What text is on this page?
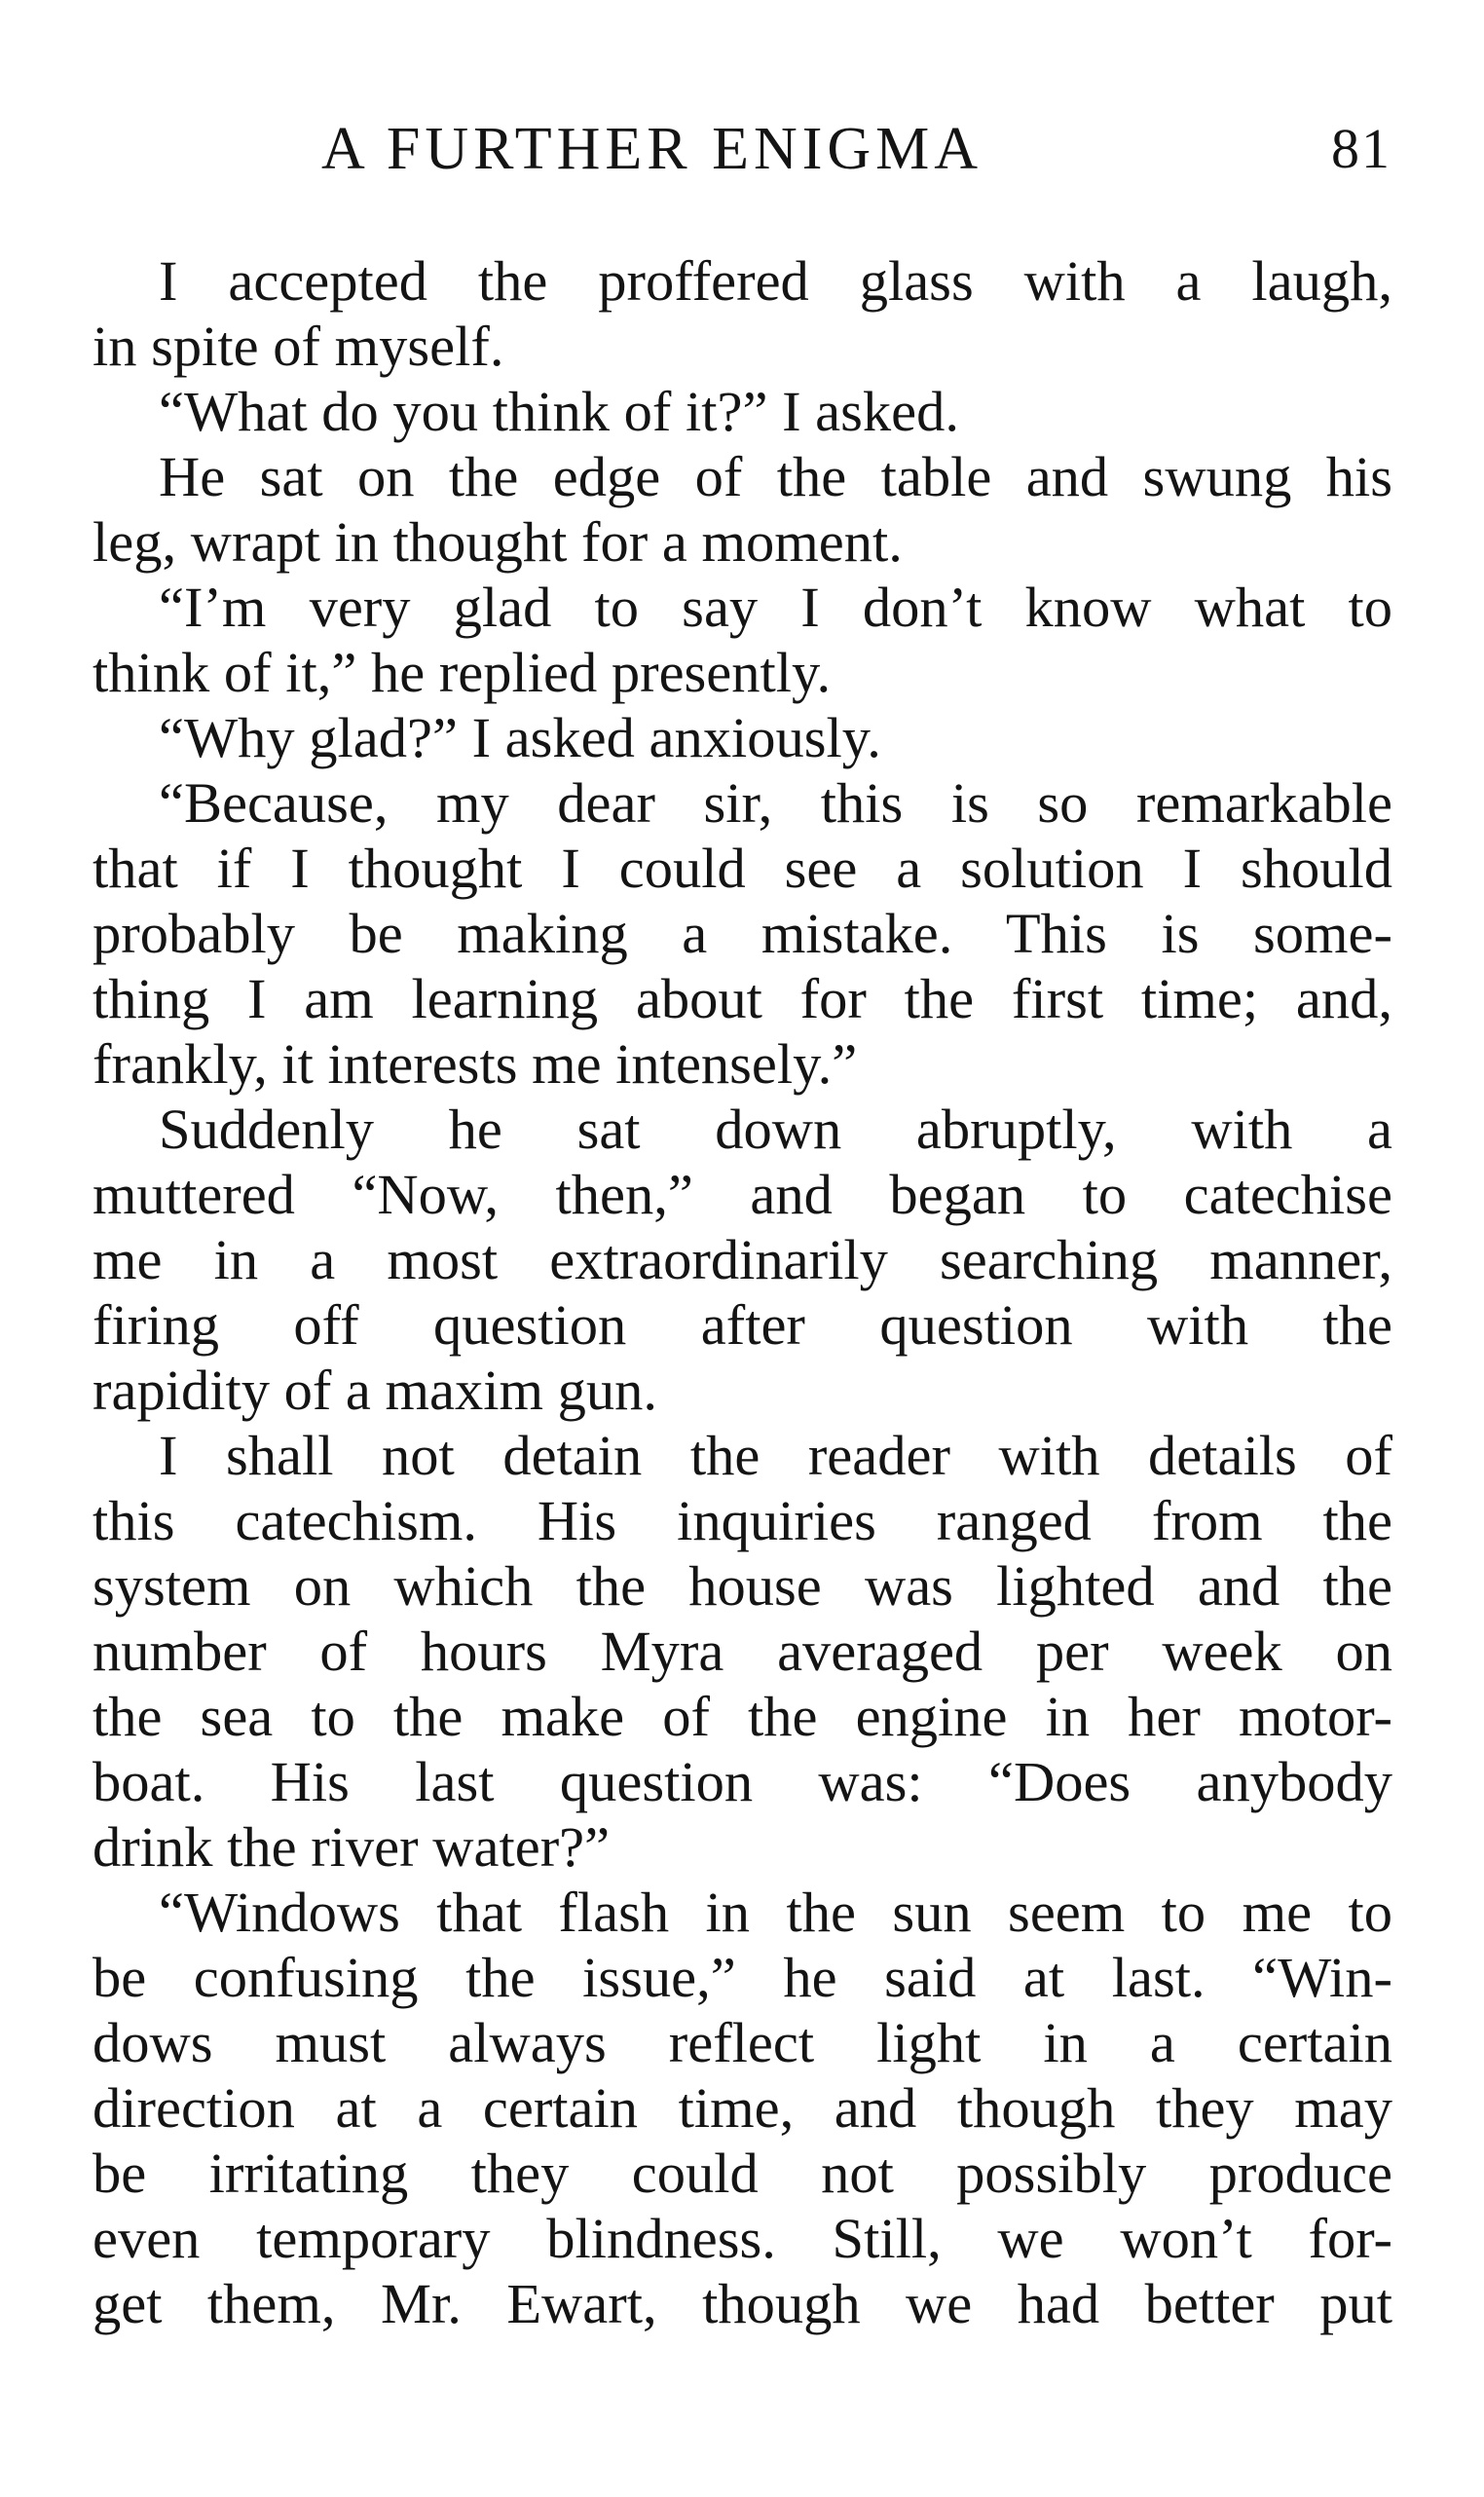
A FURTHER ENIGMA	81
I accepted the proffered glass with a laugh,
in spite of myself.
“What do you think of it?” I asked.
He sat on the edge of the table and swung his
leg, wrapt in thought for a moment.
“I’m very glad to say I don’t know what to
think of it,” he replied presently.
“Why glad?” I asked anxiously.
“Because, my dear sir, this is so remarkable
that if I thought I could see a solution I should
probably be making a mistake. This is some-
thing I am learning about for the first time; and,
frankly, it interests me intensely.”
Suddenly he sat down abruptly, with a
muttered “Now, then,” and began to catechise
me in a most extraordinarily searching manner,
firing off question after question with the
rapidity of a maxim gun.
I shall not detain the reader with details of
this catechism. His inquiries ranged from the
system on which the house was lighted and the
number of hours Myra averaged per week on
the sea to the make of the engine in her motor-
boat. His last question was: “Does anybody
drink the river water?”
“Windows that flash in the sun seem to me to
be confusing the issue,” he said at last. “Win-
dows must always reflect light in a certain
direction at a certain time, and though they may
be irritating they could not possibly produce
even temporary blindness. Still, we won’t for-
get them, Mr. Ewart, though we had better put
